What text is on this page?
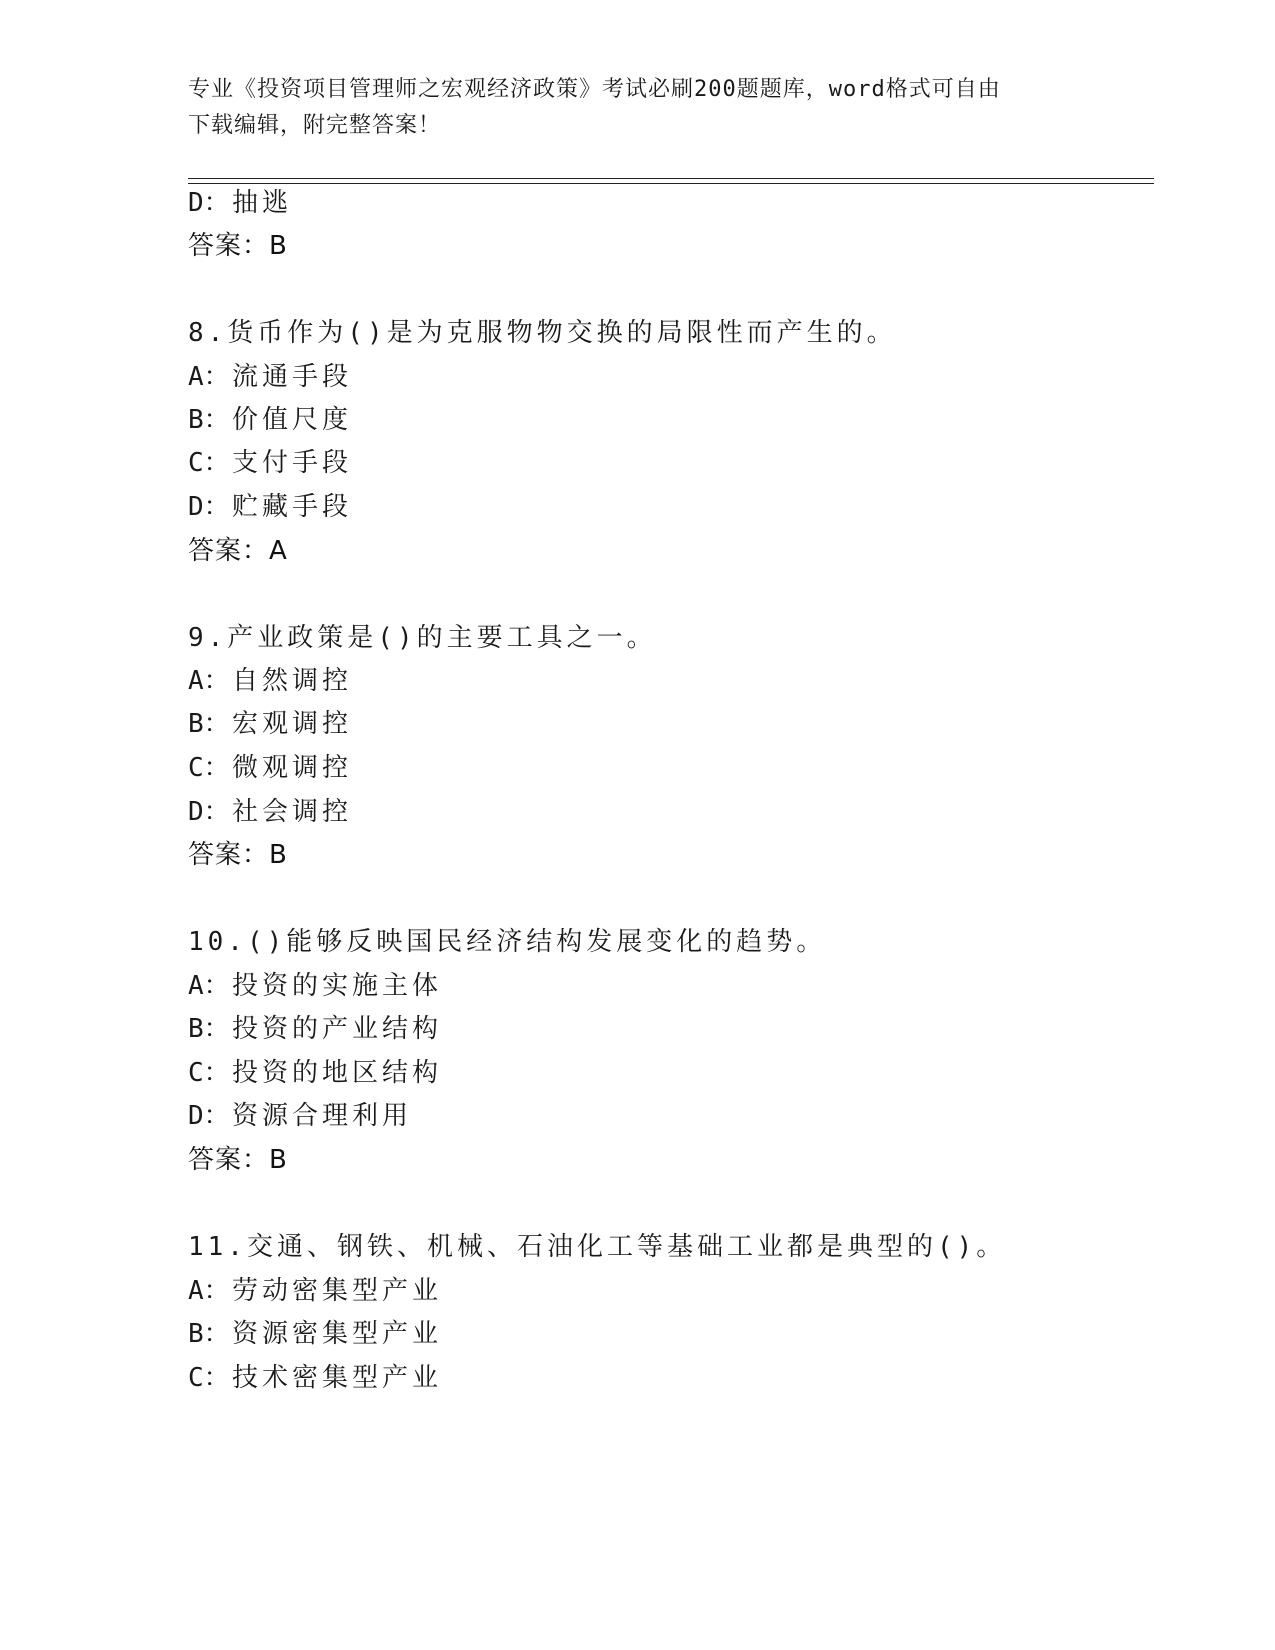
专业《投资项目管理师之宏观经济政策》考试必刷200题题库，word格式可自由
下载编辑，附完整答案！
D：抽逃
答案：B
8.货币作为()是为克服物物交换的局限性而产生的。
A：流通手段
B：价值尺度
C：支付手段
D：贮藏手段
答案：A
9.产业政策是()的主要工具之一。
A：自然调控
B：宏观调控
C：微观调控
D：社会调控
答案：B
10.()能够反映国民经济结构发展变化的趋势。
A：投资的实施主体
B：投资的产业结构
C：投资的地区结构
D：资源合理利用
答案：B
11.交通、钢铁、机械、石油化工等基础工业都是典型的()。
A：劳动密集型产业
B：资源密集型产业
C：技术密集型产业
